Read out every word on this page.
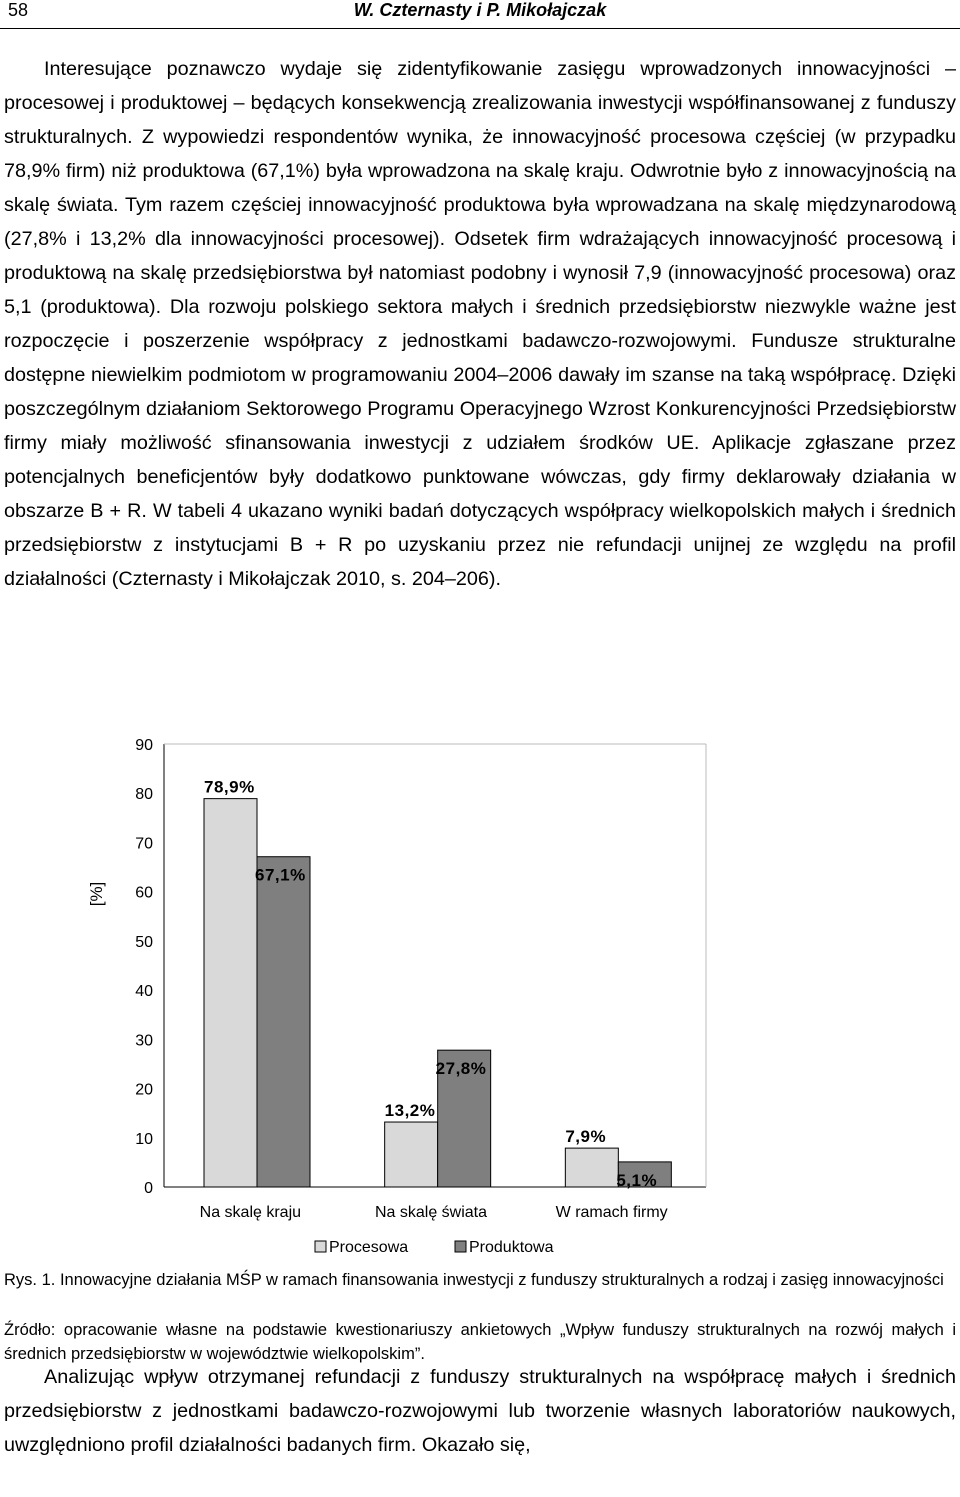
58	W. Czternasty i P. Mikołajczak

Interesujące poznawczo wydaje się zidentyfikowanie zasięgu wprowadzonych innowacyjności – procesowej i produktowej – będących konsekwencją zrealizowania inwestycji współfinansowanej z funduszy strukturalnych. Z wypowiedzi respondentów wynika, że innowacyjność procesowa częściej (w przypadku 78,9% firm) niż produktowa (67,1%) była wprowadzona na skalę kraju. Odwrotnie było z innowacyjnością na skalę świata. Tym razem częściej innowacyjność produktowa była wprowadzana na skalę międzynarodową (27,8% i 13,2% dla innowacyjności procesowej). Odsetek firm wdrażających innowacyjność procesową i produktową na skalę przedsiębiorstwa był natomiast podobny i wynosił 7,9 (innowacyjność procesowa) oraz 5,1 (produktowa). Dla rozwoju polskiego sektora małych i średnich przedsiębiorstw niezwykle ważne jest rozpoczęcie i poszerzenie współpracy z jednostkami badawczo-rozwojowymi. Fundusze strukturalne dostępne niewielkim podmiotom w programowaniu 2004–2006 dawały im szanse na taką współpracę. Dzięki poszczególnym działaniom Sektorowego Programu Operacyjnego Wzrost Konkurencyjności Przedsiębiorstw firmy miały możliwość sfinansowania inwestycji z udziałem środków UE. Aplikacje zgłaszane przez potencjalnych beneficjentów były dodatkowo punktowane wówczas, gdy firmy deklarowały działania w obszarze B + R. W tabeli 4 ukazano wyniki badań dotyczących współpracy wielkopolskich małych i średnich przedsiębiorstw z instytucjami B + R po uzyskaniu przez nie refundacji unijnej ze względu na profil działalności (Czternasty i Mikołajczak 2010, s. 204–206).

0
10
20
30
40
50
60
70
80
90
[%]
78,9%
67,1%
Na skalę kraju
13,2%
27,8%
Na skalę świata
7,9%
5,1%
W ramach firmy
Procesowa	Produktowa
Rys. 1. Innowacyjne działania MŚP w ramach finansowania inwestycji z funduszy strukturalnych a rodzaj i zasięg innowacyjności

Źródło: opracowanie własne na podstawie kwestionariuszy ankietowych „Wpływ funduszy strukturalnych na rozwój małych i średnich przedsiębiorstw w województwie wielkopolskim”.

Analizując wpływ otrzymanej refundacji z funduszy strukturalnych na współpracę małych i średnich przedsiębiorstw z jednostkami badawczo-rozwojowymi lub tworzenie własnych laboratoriów naukowych, uwzględniono profil działalności badanych firm. Okazało się,
